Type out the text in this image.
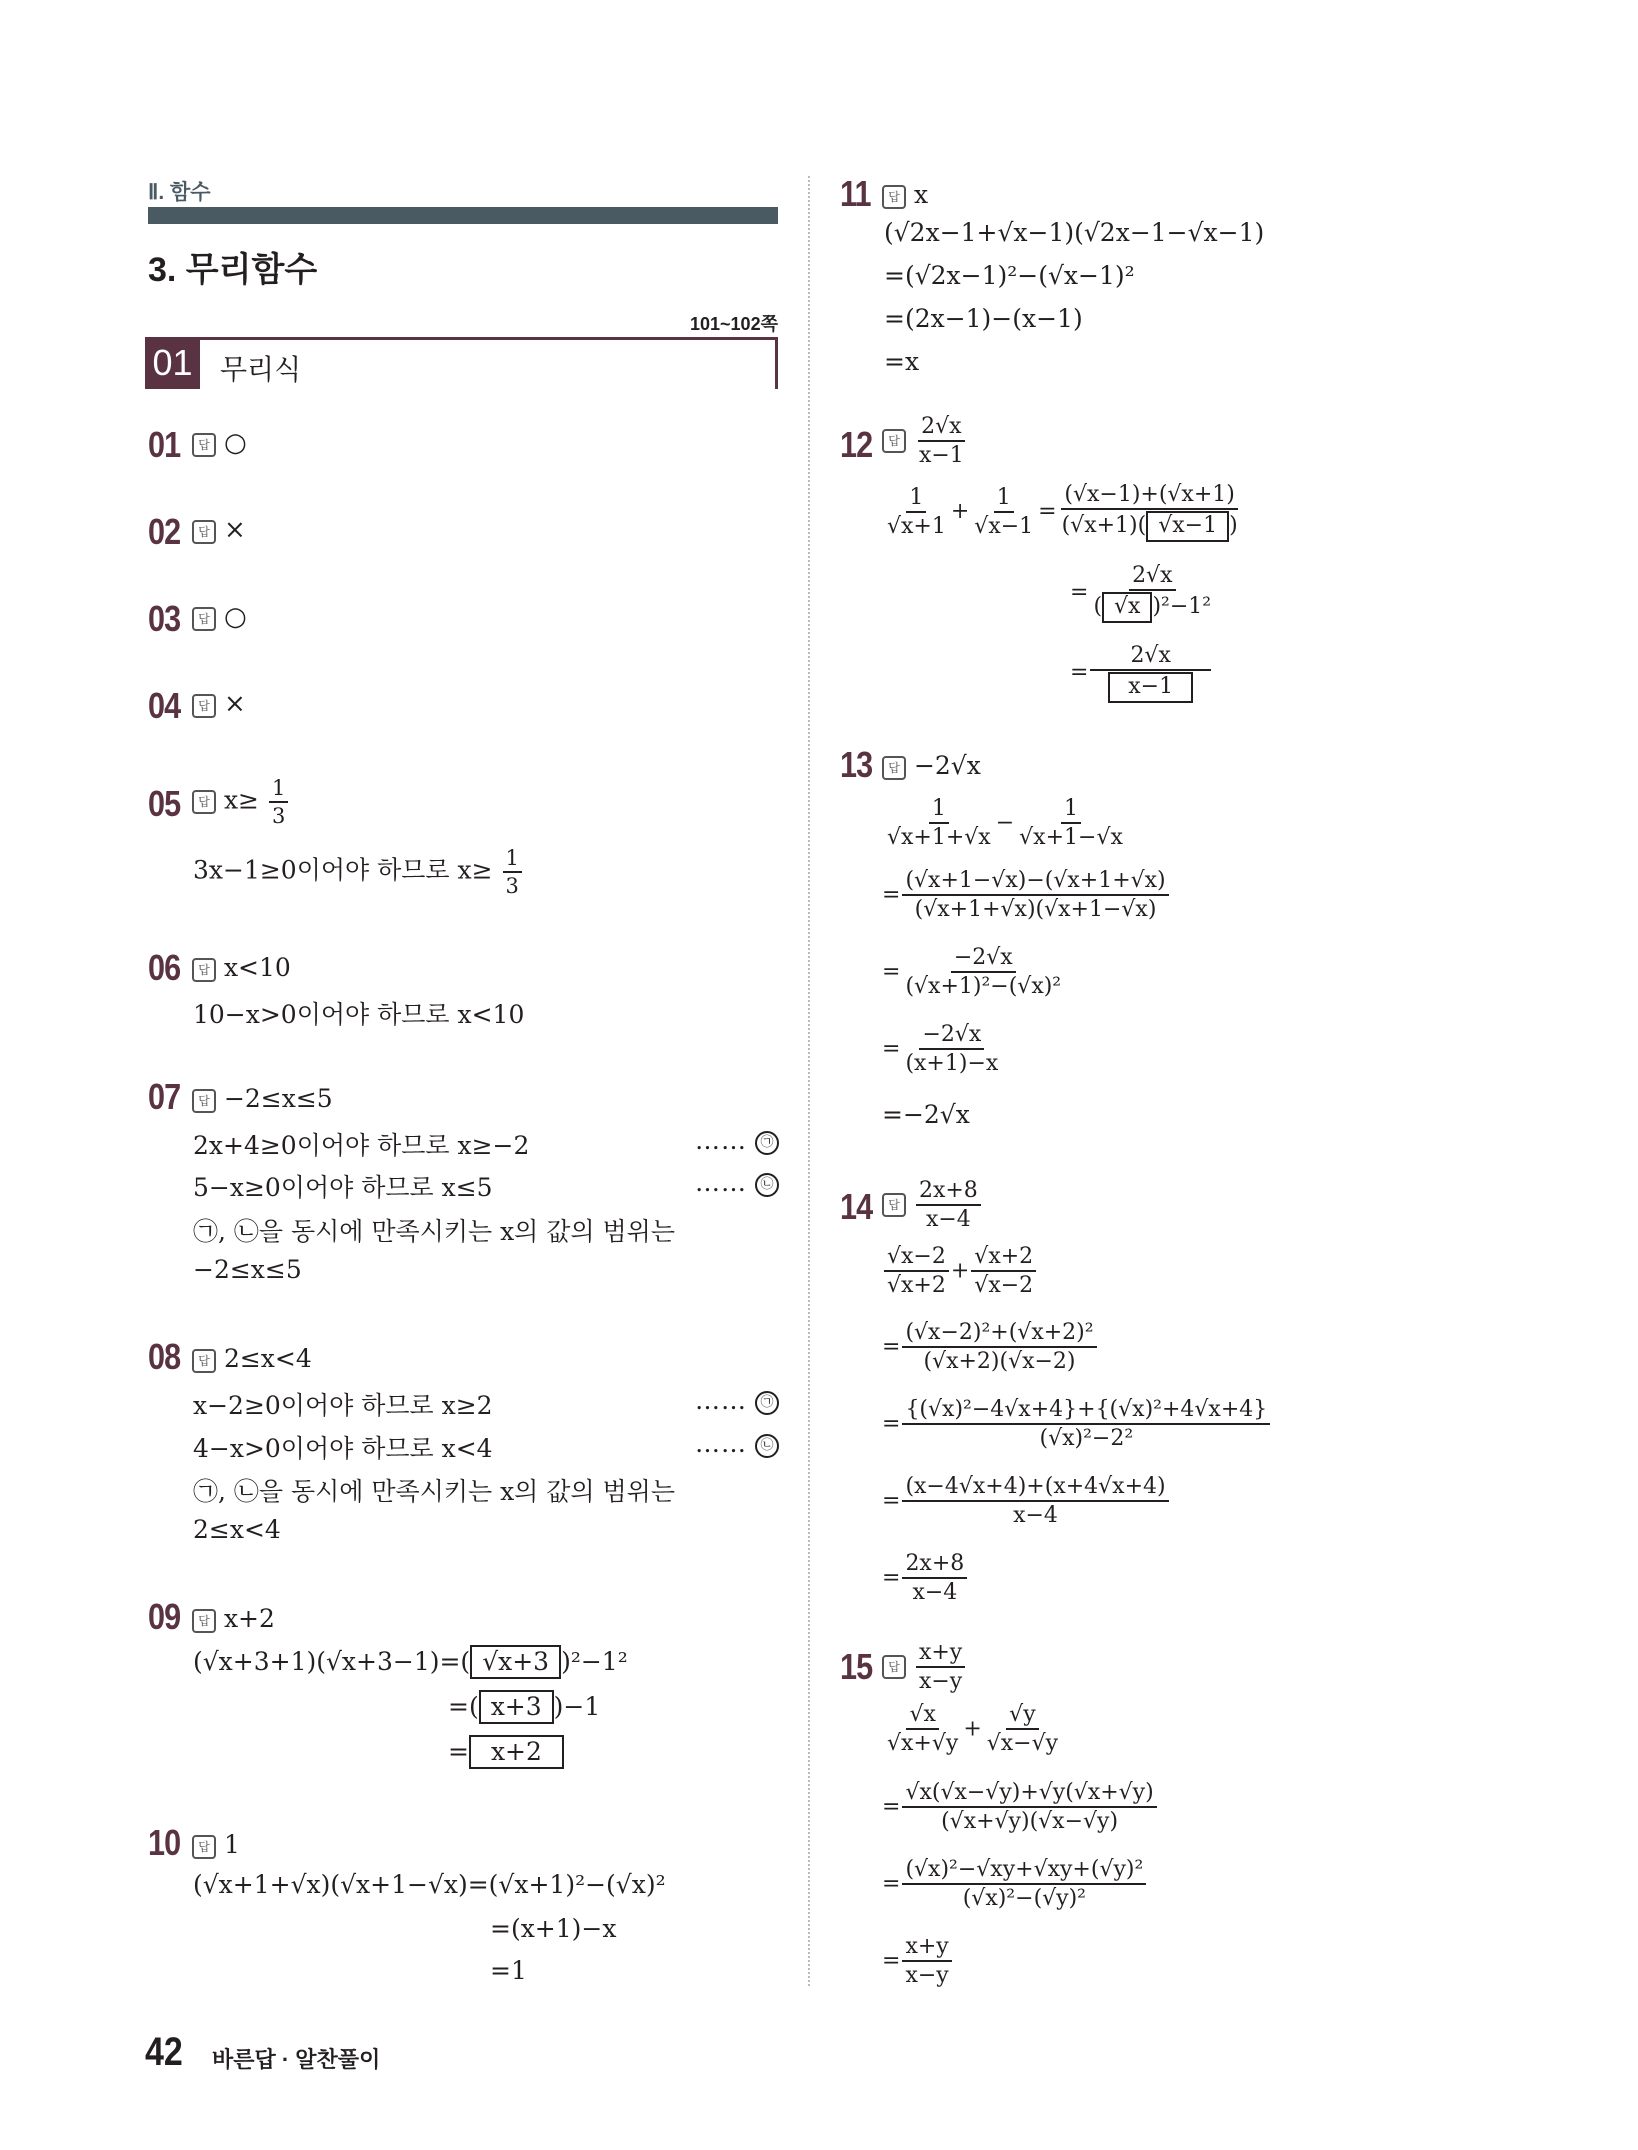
Ⅱ. 함수
3. 무리함수
101~102쪽
01 무리식
01	답 ○
02	답 ×
03	답 ○
04	답 ×
05	답 $x\ge \frac{1}{3}$
3x−1≥0이어야 하므로 $x\ge \frac{1}{3}$
06	답 x<10
10−x>0이어야 하므로 x<10
07	답 −2≤x≤5
2x+4≥0이어야 하므로 x≥−2	…… ㉠
5−x≥0이어야 하므로 x≤5	…… ㉡
㉠, ㉡을 동시에 만족시키는 x의 값의 범위는
−2≤x≤5
08	답 2≤x<4
x−2≥0이어야 하므로 x≥2	…… ㉠
4−x>0이어야 하므로 x<4	…… ㉡
㉠, ㉡을 동시에 만족시키는 x의 값의 범위는
2≤x<4
09	답 x+2
(√x+3+1)(√x+3−1)=( √x+3 )²−1²
=( x+3 )−1
= x+2
10	답 1
(√x+1+√x)(√x+1−√x)=(√x+1)²−(√x)²
=(x+1)−x
=1
11	답 x
(√2x−1+√x−1)(√2x−1−√x−1)
=(√2x−1)²−(√x−1)²
=(2x−1)−(x−1)
=x
12	답 $\frac{2√x}{x-1}$
$\frac{1}{√x+1} + \frac{1}{√x-1} = \frac{(√x-1)+(√x+1)}{(√x+1)( √x-1 )}$
= $\frac{2√x}{\text{( √x )²−1²}}$
= $\frac{2√x}{x-1}$
13	답 −2√x
$\frac{1}{√x+1+√x} - \frac{1}{√x+1-√x}$
= $\frac{(√x+1-√x)-(√x+1+√x)}{(√x+1+√x)(√x+1-√x)}$
= $\frac{-2√x}{\text{(√x+1)²−(√x)²}}$
= $\frac{-2√x}{(x+1)-x}$
=−2√x
14	답 $\frac{2x+8}{x-4}$
$\frac{√x-2}{√x+2} + \frac{√x+2}{√x-2}$
= $\frac{\text{(√x−2)²+(√x+2)²}}{(√x+2)(√x-2)}$
= $\frac{\text{\{(√x)²−4√x+4\}+\{(√x)²+4√x+4\}}}{\text{(√x)²−2²}}$
= $\frac{(x-4√x+4)+(x+4√x+4)}{x-4}$
= $\frac{2x+8}{x-4}$
15	답 $\frac{x+y}{x-y}$
$\frac{√x}{√x+√y} + \frac{√y}{√x-√y}$
= $\frac{√x(√x-√y)+√y(√x+√y)}{(√x+√y)(√x-√y)}$
= $\frac{\text{(√x)²−√xy+√xy+(√y)²}}{\text{(√x)²−(√y)²}}$
= $\frac{x+y}{x-y}$
42 바른답 · 알찬풀이
